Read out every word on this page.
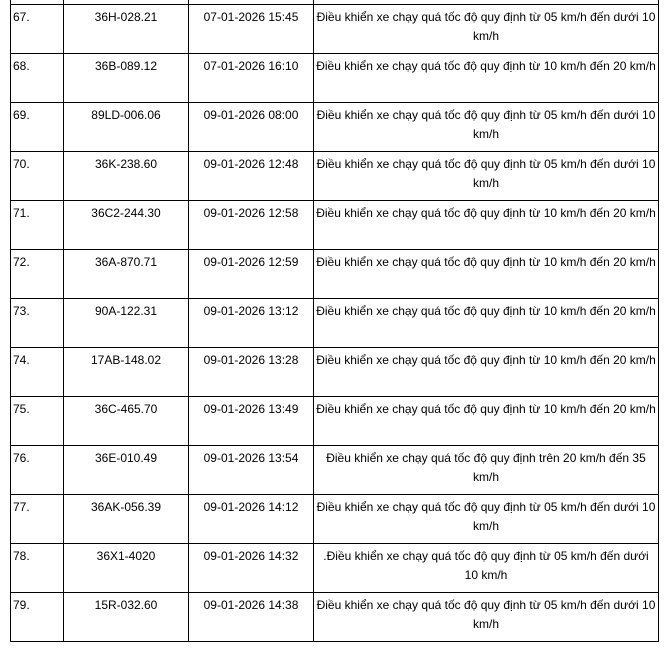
67.	36H-028.21	07-01-2026 15:45	Điều khiển xe chạy quá tốc độ quy định từ 05 km/h đến dưới 10 km/h
68.	36B-089.12	07-01-2026 16:10	Điều khiển xe chạy quá tốc độ quy định từ 10 km/h đến 20 km/h
69.	89LD-006.06	09-01-2026 08:00	Điều khiển xe chạy quá tốc độ quy định từ 05 km/h đến dưới 10 km/h
70.	36K-238.60	09-01-2026 12:48	Điều khiển xe chạy quá tốc độ quy định từ 05 km/h đến dưới 10 km/h
71.	36C2-244.30	09-01-2026 12:58	Điều khiển xe chạy quá tốc độ quy định từ 10 km/h đến 20 km/h
72.	36A-870.71	09-01-2026 12:59	Điều khiển xe chạy quá tốc độ quy định từ 10 km/h đến 20 km/h
73.	90A-122.31	09-01-2026 13:12	Điều khiển xe chạy quá tốc độ quy định từ 10 km/h đến 20 km/h
74.	17AB-148.02	09-01-2026 13:28	Điều khiển xe chạy quá tốc độ quy định từ 10 km/h đến 20 km/h
75.	36C-465.70	09-01-2026 13:49	Điều khiển xe chạy quá tốc độ quy định từ 10 km/h đến 20 km/h
76.	36E-010.49	09-01-2026 13:54	Điều khiển xe chạy quá tốc độ quy định trên 20 km/h đến 35 km/h
77.	36AK-056.39	09-01-2026 14:12	Điều khiển xe chạy quá tốc độ quy định từ 05 km/h đến dưới 10 km/h
78.	36X1-4020	09-01-2026 14:32	.Điều khiển xe chạy quá tốc độ quy định từ 05 km/h đến dưới 10 km/h
79.	15R-032.60	09-01-2026 14:38	Điều khiển xe chạy quá tốc độ quy định từ 05 km/h đến dưới 10 km/h
